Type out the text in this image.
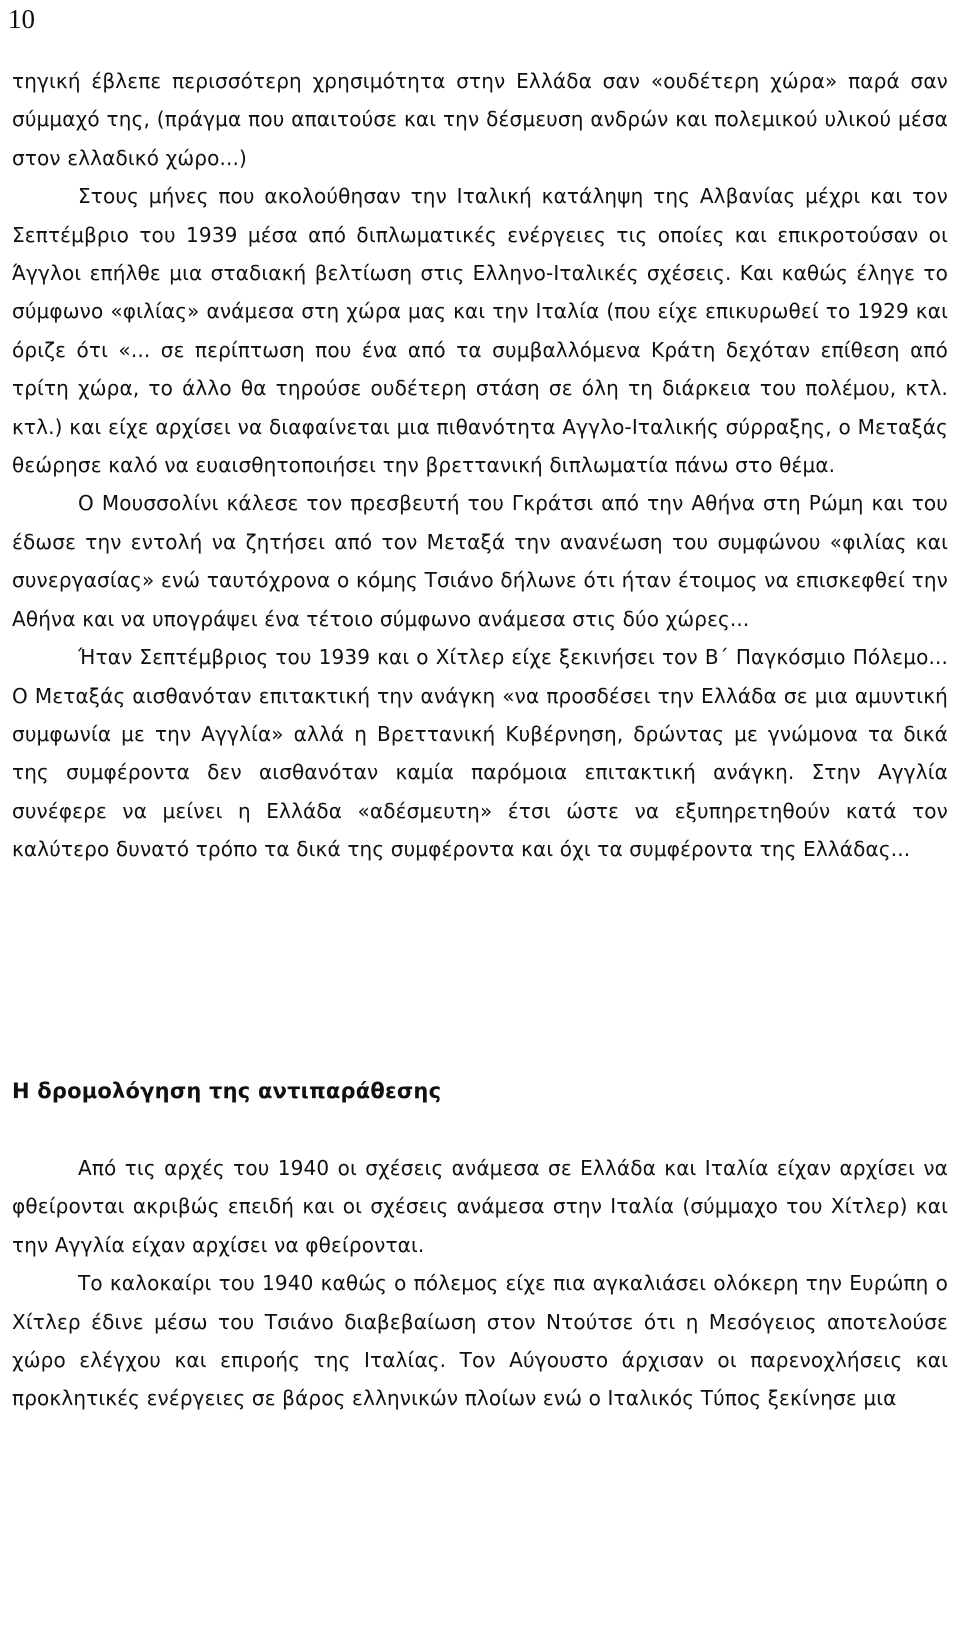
10

τηγική έβλεπε περισσότερη χρησιμότητα στην Ελλάδα σαν «ουδέτερη χώρα» παρά σαν σύμμαχό της, (πράγμα που απαιτούσε και την δέσμευση ανδρών και πολεμικού υλικού μέσα στον ελλαδικό χώρο...)

Στους μήνες που ακολούθησαν την Ιταλική κατάληψη της Αλβανίας μέχρι και τον Σεπτέμβριο του 1939 μέσα από διπλωματικές ενέργειες τις οποίες και επικροτούσαν οι Άγγλοι επήλθε μια σταδιακή βελτίωση στις Ελληνο-Ιταλικές σχέσεις. Και καθώς έληγε το σύμφωνο «φιλίας» ανάμεσα στη χώρα μας και την Ιταλία (που είχε επικυρωθεί το 1929 και όριζε ότι «... σε περίπτωση που ένα από τα συμβαλλόμενα Κράτη δεχόταν επίθεση από τρίτη χώρα, το άλλο θα τηρούσε ουδέτερη στάση σε όλη τη διάρκεια του πολέμου, κτλ. κτλ.) και είχε αρχίσει να διαφαίνεται μια πιθανότητα Αγγλο-Ιταλικής σύρραξης, ο Μεταξάς θεώρησε καλό να ευαισθητοποιήσει την βρεττανική διπλωματία πάνω στο θέμα.

Ο Μουσσολίνι κάλεσε τον πρεσβευτή του Γκράτσι από την Αθήνα στη Ρώμη και του έδωσε την εντολή να ζητήσει από τον Μεταξά την ανανέωση του συμφώνου «φιλίας και συνεργασίας» ενώ ταυτόχρονα ο κόμης Τσιάνο δήλωνε ότι ήταν έτοιμος να επισκεφθεί την Αθήνα και να υπογράψει ένα τέτοιο σύμφωνο ανάμεσα στις δύο χώρες...

Ήταν Σεπτέμβριος του 1939 και ο Χίτλερ είχε ξεκινήσει τον Β΄ Παγκόσμιο Πόλεμο... Ο Μεταξάς αισθανόταν επιτακτική την ανάγκη «να προσδέσει την Ελλάδα σε μια αμυντική συμφωνία με την Αγγλία» αλλά η Βρεττανική Κυβέρνηση, δρώντας με γνώμονα τα δικά της συμφέροντα δεν αισθανόταν καμία παρόμοια επιτακτική ανάγκη. Στην Αγγλία συνέφερε να μείνει η Ελλάδα «αδέσμευτη» έτσι ώστε να εξυπηρετηθούν κατά τον καλύτερο δυνατό τρόπο τα δικά της συμφέροντα και όχι τα συμφέροντα της Ελλάδας...

Η δρομολόγηση της αντιπαράθεσης

Από τις αρχές του 1940 οι σχέσεις ανάμεσα σε Ελλάδα και Ιταλία είχαν αρχίσει να φθείρονται ακριβώς επειδή και οι σχέσεις ανάμεσα στην Ιταλία (σύμμαχο του Χίτλερ) και την Αγγλία είχαν αρχίσει να φθείρονται.

Το καλοκαίρι του 1940 καθώς ο πόλεμος είχε πια αγκαλιάσει ολόκερη την Ευρώπη ο Χίτλερ έδινε μέσω του Τσιάνο διαβεβαίωση στον Ντούτσε ότι η Μεσόγειος αποτελούσε χώρο ελέγχου και επιροής της Ιταλίας. Τον Αύγουστο άρχισαν οι παρενοχλήσεις και προκλητικές ενέργειες σε βάρος ελληνικών πλοίων ενώ ο Ιταλικός Τύπος ξεκίνησε μια
